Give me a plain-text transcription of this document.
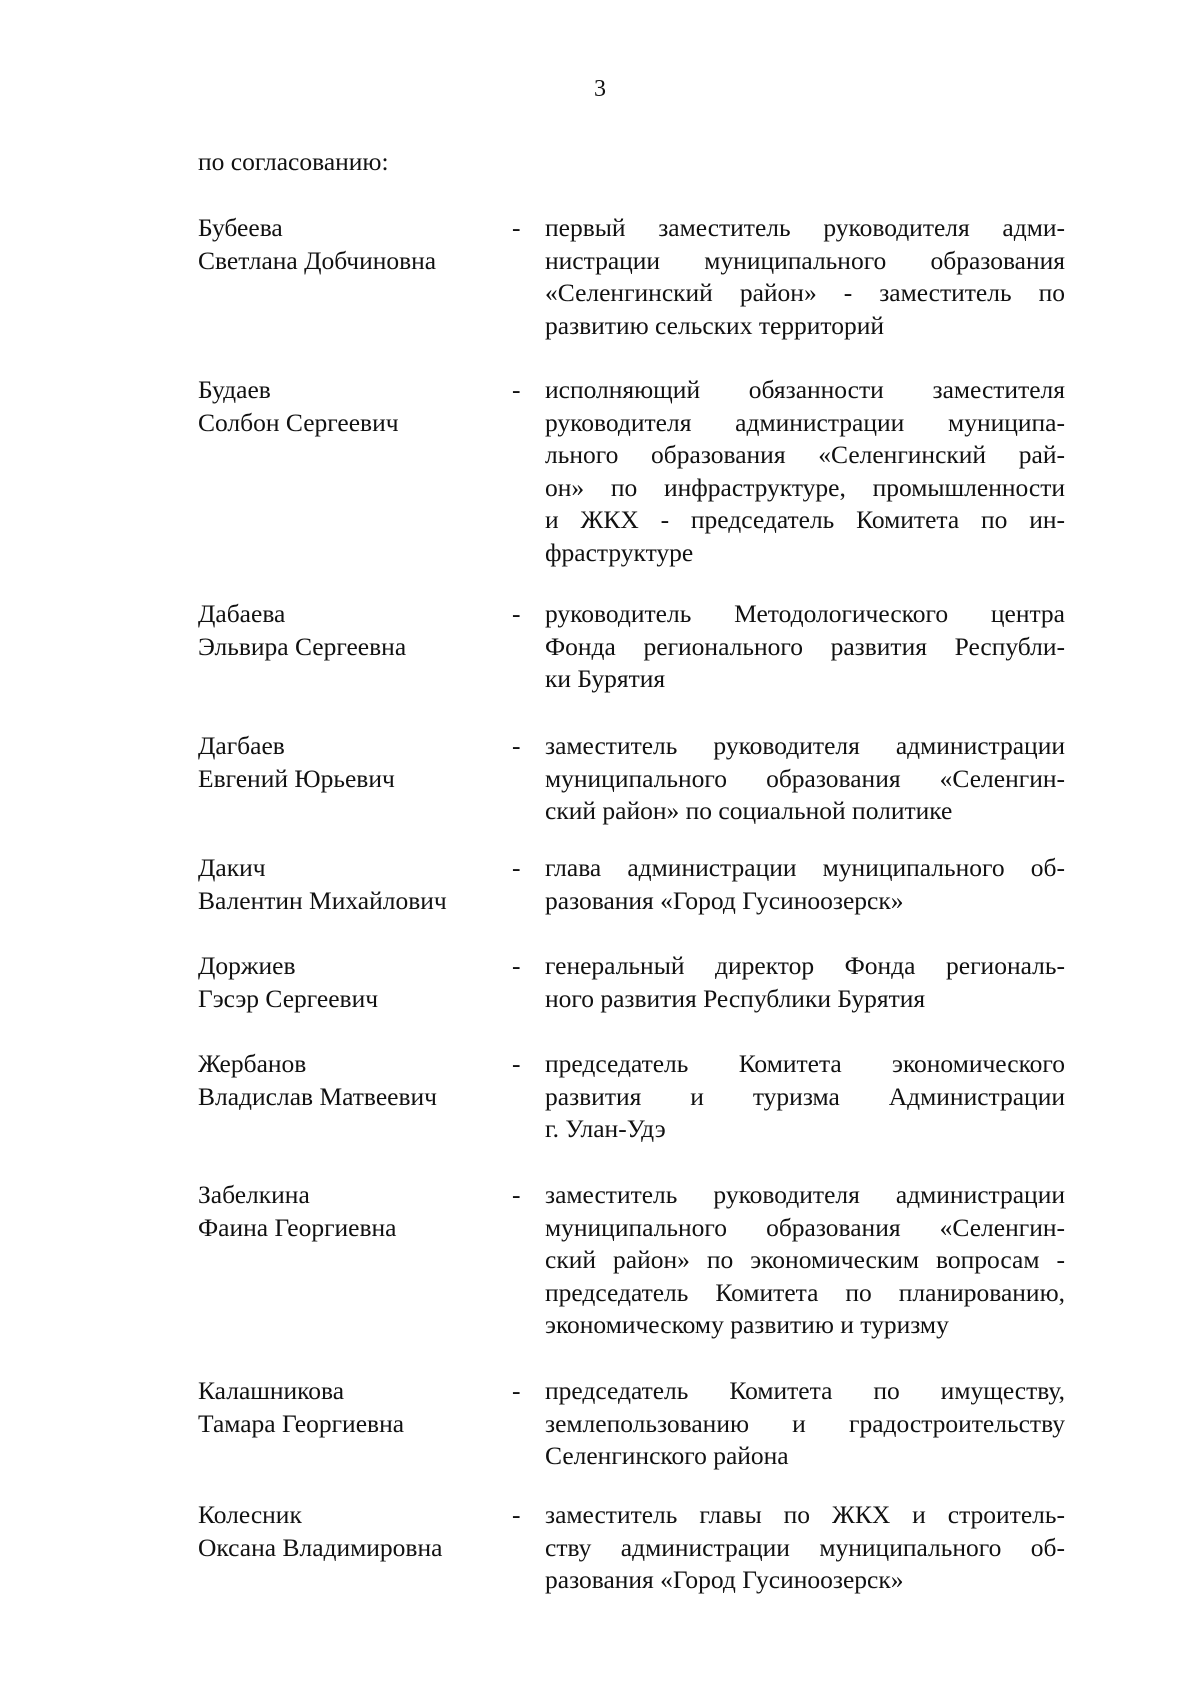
3
по согласованию:
Бубеева
Светлана Добчиновна
- первый заместитель руководителя адми-
нистрации муниципального образования
«Селенгинский район» - заместитель по
развитию сельских территорий
Будаев
Солбон Сергеевич
- исполняющий обязанности заместителя
руководителя администрации муниципа-
льного образования «Селенгинский рай-
он» по инфраструктуре, промышленности
и ЖКХ - председатель Комитета по ин-
фраструктуре
Дабаева
Эльвира Сергеевна
- руководитель Методологического центра
Фонда регионального развития Республи-
ки Бурятия
Дагбаев
Евгений Юрьевич
- заместитель руководителя администрации
муниципального образования «Селенгин-
ский район» по социальной политике
Дакич
Валентин Михайлович
- глава администрации муниципального об-
разования «Город Гусиноозерск»
Доржиев
Гэсэр Сергеевич
- генеральный директор Фонда региональ-
ного развития Республики Бурятия
Жербанов
Владислав Матвеевич
- председатель Комитета экономического
развития и туризма Администрации
г. Улан-Удэ
Забелкина
Фаина Георгиевна
- заместитель руководителя администрации
муниципального образования «Селенгин-
ский район» по экономическим вопросам -
председатель Комитета по планированию,
экономическому развитию и туризму
Калашникова
Тамара Георгиевна
- председатель Комитета по имуществу,
землепользованию и градостроительству
Селенгинского района
Колесник
Оксана Владимировна
- заместитель главы по ЖКХ и строитель-
ству администрации муниципального об-
разования «Город Гусиноозерск»
